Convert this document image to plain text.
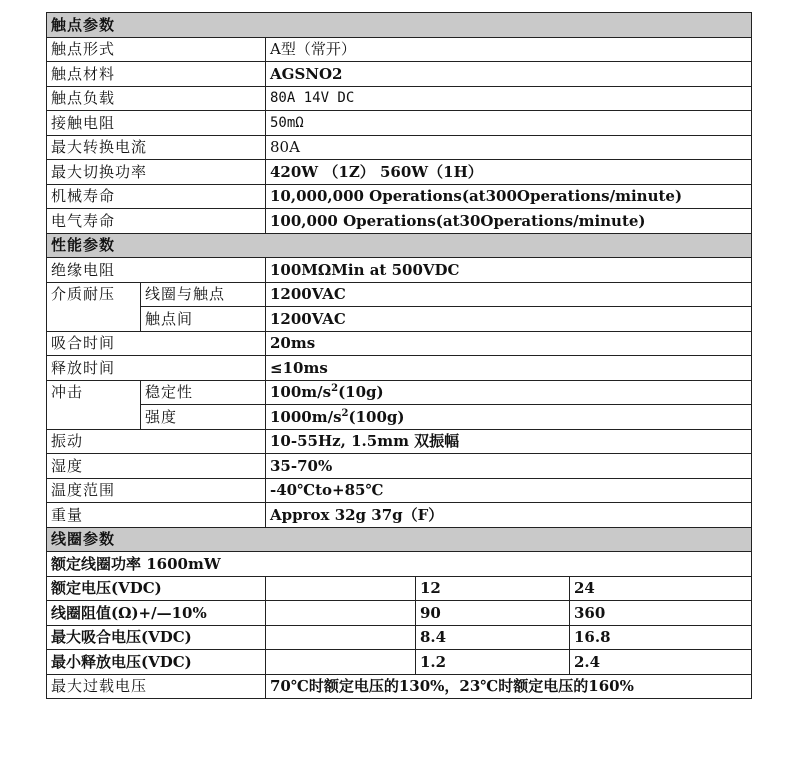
触点参数				
触点形式		A型（常开）		
触点材料		AGSNO2		
触点负载		80A 14V DC		
接触电阻		50mΩ		
最大转换电流		80A		
最大切换功率		420W （1Z） 560W（1H）		
机械寿命		10,000,000 Operations(at300Operations/minute)		
电气寿命		100,000 Operations(at30Operations/minute)		
性能参数				
绝缘电阻		100MΩMin at 500VDC		
介质耐压	线圈与触点	1200VAC		
	触点间	1200VAC		
吸合时间		20ms		
释放时间		≤10ms		
冲击	稳定性	$100m/s^2(10g)$		
	强度	$1000m/s^2(100g)$		
振动		10-55Hz, 1.5mm 双振幅		
湿度		35-70%		
温度范围		-40℃to+85℃		
重量		Approx 32g 37g（F）		
线圈参数				
额定线圈功率 1600mW				
额定电压(VDC)			12	24
线圈阻值(Ω)+/—10%			90	360
最大吸合电压(VDC)			8.4	16.8
最小释放电压(VDC)			1.2	2.4
最大过载电压		70℃时额定电压的130%，23℃时额定电压的160%		
